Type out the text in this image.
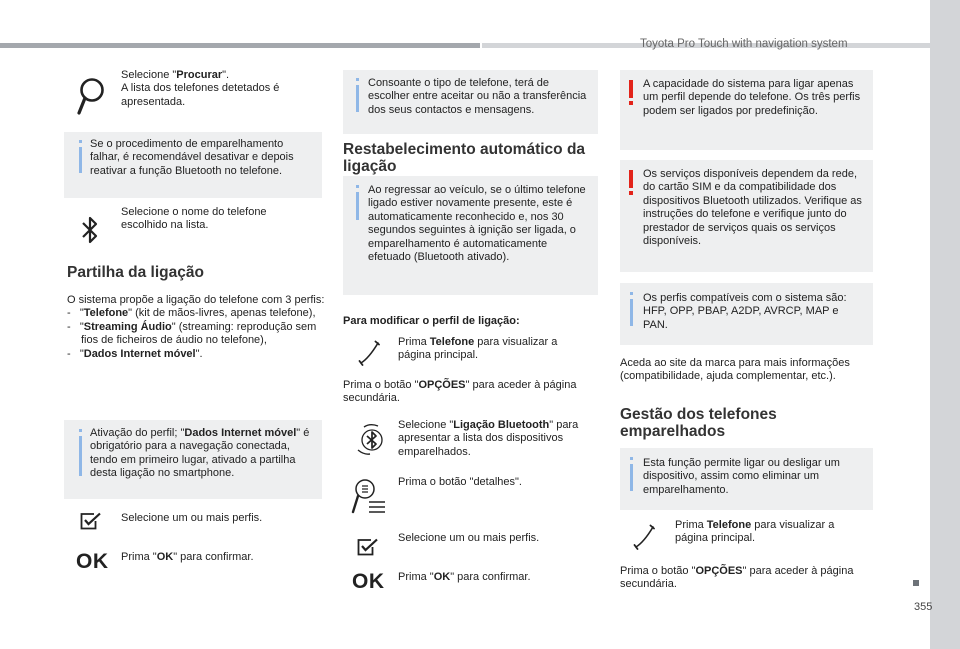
Toyota Pro Touch with navigation system
355
Selecione "Procurar".
A lista dos telefones detetados é apresentada.
Se o procedimento de emparelhamento falhar, é recomendável desativar e depois reativar a função Bluetooth no telefone.
Selecione o nome do telefone escolhido na lista.
Partilha da ligação
O sistema propõe a ligação do telefone com 3 perfis:
- "Telefone" (kit de mãos-livres, apenas telefone),
- "Streaming Áudio" (streaming: reprodução sem fios de ficheiros de áudio no telefone),
- "Dados Internet móvel".
Ativação do perfil; "Dados Internet móvel" é obrigatório para a navegação conectada, tendo em primeiro lugar, ativado a partilha desta ligação no smartphone.
Selecione um ou mais perfis.
OK Prima "OK" para confirmar.
Consoante o tipo de telefone, terá de escolher entre aceitar ou não a transferência dos seus contactos e mensagens.
Restabelecimento automático da ligação
Ao regressar ao veículo, se o último telefone ligado estiver novamente presente, este é automaticamente reconhecido e, nos 30 segundos seguintes à ignição ser ligada, o emparelhamento é automaticamente efetuado (Bluetooth ativado).
Para modificar o perfil de ligação:
Prima Telefone para visualizar a página principal.
Prima o botão "OPÇÕES" para aceder à página secundária.
Selecione "Ligação Bluetooth" para apresentar a lista dos dispositivos emparelhados.
Prima o botão "detalhes".
Selecione um ou mais perfis.
OK Prima "OK" para confirmar.
A capacidade do sistema para ligar apenas um perfil depende do telefone. Os três perfis podem ser ligados por predefinição.
Os serviços disponíveis dependem da rede, do cartão SIM e da compatibilidade dos dispositivos Bluetooth utilizados. Verifique as instruções do telefone e verifique junto do prestador de serviços quais os serviços disponíveis.
Os perfis compatíveis com o sistema são: HFP, OPP, PBAP, A2DP, AVRCP, MAP e PAN.
Aceda ao site da marca para mais informações (compatibilidade, ajuda complementar, etc.).
Gestão dos telefones emparelhados
Esta função permite ligar ou desligar um dispositivo, assim como eliminar um emparelhamento.
Prima Telefone para visualizar a página principal.
Prima o botão "OPÇÕES" para aceder à página secundária.
